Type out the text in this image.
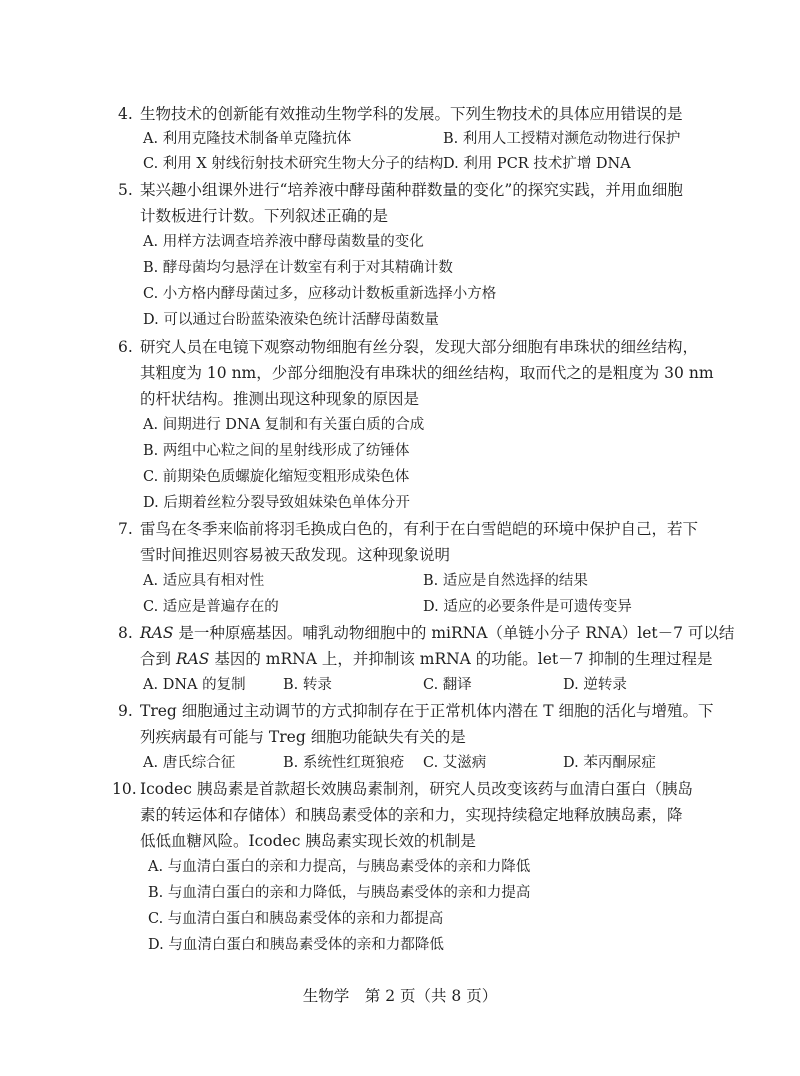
4. 生物技术的创新能有效推动生物学科的发展。下列生物技术的具体应用错误的是
A. 利用克隆技术制备单克隆抗体	B. 利用人工授精对濒危动物进行保护
C. 利用 X 射线衍射技术研究生物大分子的结构 D. 利用 PCR 技术扩增 DNA
5. 某兴趣小组课外进行“培养液中酵母菌种群数量的变化”的探究实践，并用血细胞
计数板进行计数。下列叙述正确的是
A. 用样方法调查培养液中酵母菌数量的变化
B. 酵母菌均匀悬浮在计数室有利于对其精确计数
C. 小方格内酵母菌过多，应移动计数板重新选择小方格
D. 可以通过台盼蓝染液染色统计活酵母菌数量
6. 研究人员在电镜下观察动物细胞有丝分裂，发现大部分细胞有串珠状的细丝结构，
其粗度为 10 nm，少部分细胞没有串珠状的细丝结构，取而代之的是粗度为 30 nm
的杆状结构。推测出现这种现象的原因是
A. 间期进行 DNA 复制和有关蛋白质的合成
B. 两组中心粒之间的星射线形成了纺锤体
C. 前期染色质螺旋化缩短变粗形成染色体
D. 后期着丝粒分裂导致姐妹染色单体分开
7. 雷鸟在冬季来临前将羽毛换成白色的，有利于在白雪皑皑的环境中保护自己，若下
雪时间推迟则容易被天敌发现。这种现象说明
A. 适应具有相对性	B. 适应是自然选择的结果
C. 适应是普遍存在的	D. 适应的必要条件是可遗传变异
8. RAS 是一种原癌基因。哺乳动物细胞中的 miRNA（单链小分子 RNA）let－7 可以结
合到 RAS 基因的 mRNA 上，并抑制该 mRNA 的功能。let－7 抑制的生理过程是
A. DNA 的复制	B. 转录	C. 翻译	D. 逆转录
9. Treg 细胞通过主动调节的方式抑制存在于正常机体内潜在 T 细胞的活化与增殖。下
列疾病最有可能与 Treg 细胞功能缺失有关的是
A. 唐氏综合征	B. 系统性红斑狼疮 C. 艾滋病	D. 苯丙酮尿症
10. Icodec 胰岛素是首款超长效胰岛素制剂，研究人员改变该药与血清白蛋白（胰岛
素的转运体和存储体）和胰岛素受体的亲和力，实现持续稳定地释放胰岛素，降
低低血糖风险。Icodec 胰岛素实现长效的机制是
A. 与血清白蛋白的亲和力提高，与胰岛素受体的亲和力降低
B. 与血清白蛋白的亲和力降低，与胰岛素受体的亲和力提高
C. 与血清白蛋白和胰岛素受体的亲和力都提高
D. 与血清白蛋白和胰岛素受体的亲和力都降低
生物学　第 2 页（共 8 页）
